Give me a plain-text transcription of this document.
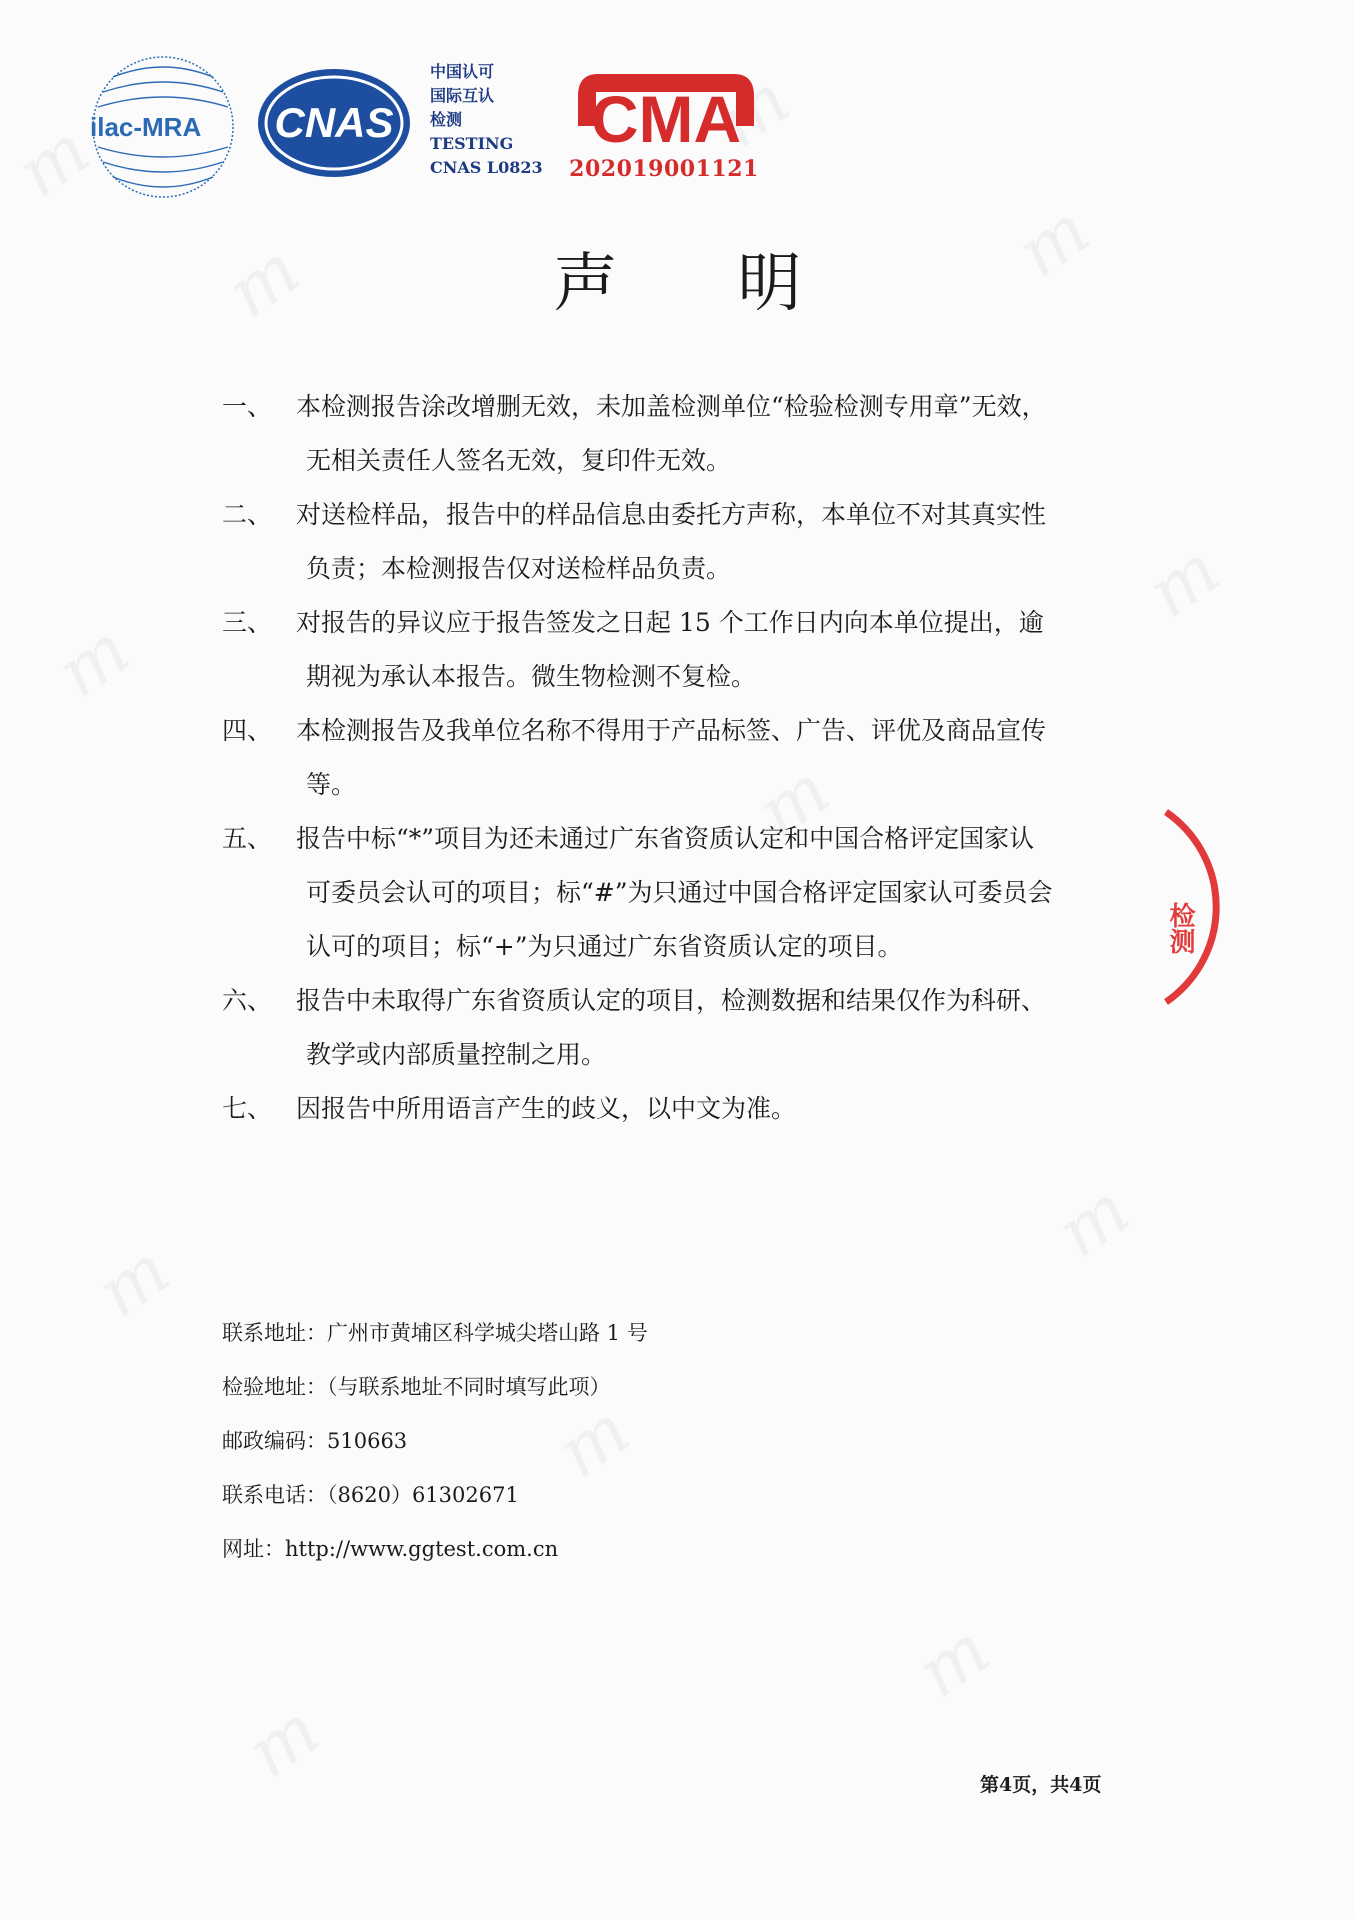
m
m	m
m
m
m
m
m
m
m
m
ilac-MRA CNAS
中国认可
国际互认
检测
TESTING
CNAS L0823
CMA
202019001121
声明
一、 本检测报告涂改增删无效，未加盖检测单位“检验检测专用章”无效，
无相关责任人签名无效，复印件无效。
二、 对送检样品，报告中的样品信息由委托方声称，本单位不对其真实性
负责；本检测报告仅对送检样品负责。
三、 对报告的异议应于报告签发之日起 15 个工作日内向本单位提出，逾
期视为承认本报告。微生物检测不复检。
四、 本检测报告及我单位名称不得用于产品标签、广告、评优及商品宣传
等。
五、 报告中标“*”项目为还未通过广东省资质认定和中国合格评定国家认
可委员会认可的项目；标“#”为只通过中国合格评定国家认可委员会
认可的项目；标“+”为只通过广东省资质认定的项目。
六、 报告中未取得广东省资质认定的项目，检测数据和结果仅作为科研、
教学或内部质量控制之用。
七、 因报告中所用语言产生的歧义，以中文为准。
联系地址：广州市黄埔区科学城尖塔山路 1 号
检验地址：（与联系地址不同时填写此项）
邮政编码：510663
联系电话：（8620）61302671
网址：http://www.ggtest.com.cn
检测
第4页，共4页
